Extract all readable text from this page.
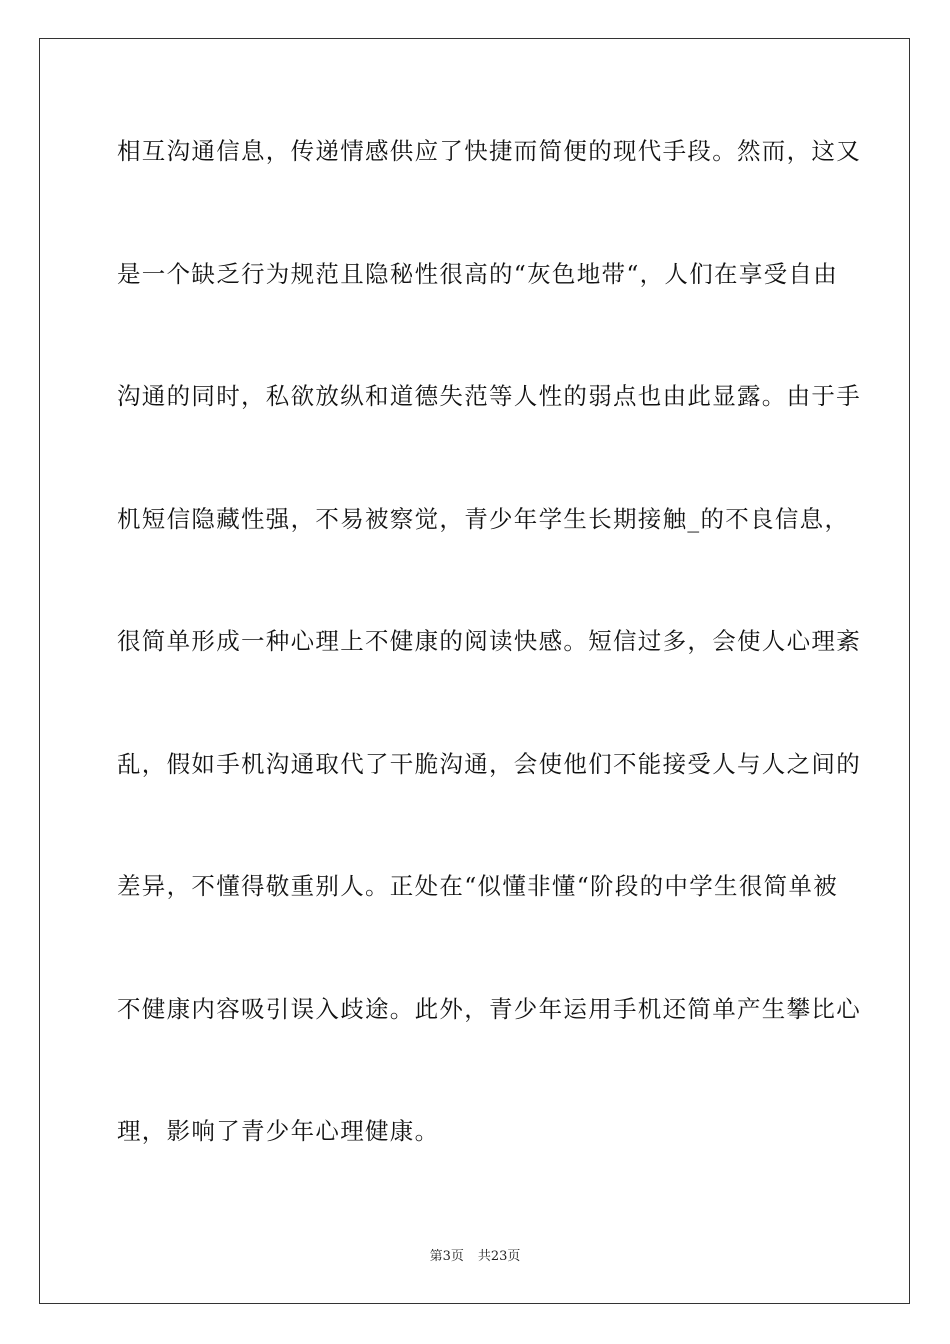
相互沟通信息，传递情感供应了快捷而简便的现代手段。然而，这又
是一个缺乏行为规范且隐秘性很高的“灰色地带“，人们在享受自由
沟通的同时，私欲放纵和道德失范等人性的弱点也由此显露。由于手
机短信隐藏性强，不易被察觉，青少年学生长期接触_的不良信息，
很简单形成一种心理上不健康的阅读快感。短信过多，会使人心理紊
乱，假如手机沟通取代了干脆沟通，会使他们不能接受人与人之间的
差异，不懂得敬重别人。正处在“似懂非懂“阶段的中学生很简单被
不健康内容吸引误入歧途。此外，青少年运用手机还简单产生攀比心
理，影响了青少年心理健康。
第3页 共23页
